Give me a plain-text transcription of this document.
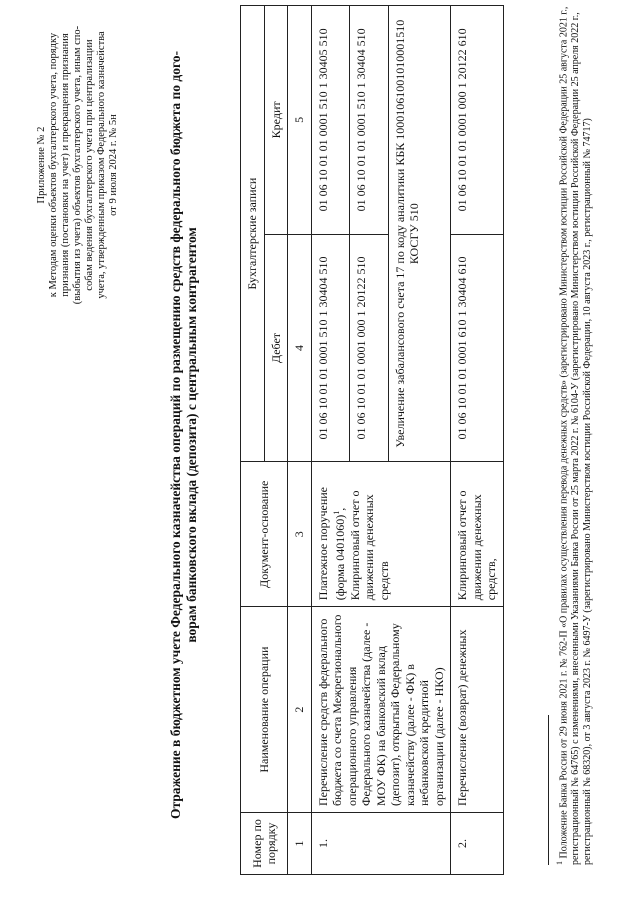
Приложение № 2 к Методам оценки объектов бухгалтерского учета, порядку признания (постановки на учет) и прекращения признания (выбытия из учета) объектов бухгалтерского учета, иным спо- собам ведения бухгалтерского учета при централизации учета, утвержденным приказом Федерального казначейства от 9 июля 2024 г. № 5н	Отражение в бюджетном учете Федерального казначейства операций по размещению средств федерального бюджета по дого- ворам банковского вклада (депозита) с центральным контрагентом
Номер по порядку	Наименование операции	Документ-основание	Бухгалтерские записи	
			Дебет	Кредит
1	2	3	4	5
1.	Перечисление средств федерального бюджета со счета Межрегионального операционного управления Федерального казначейства (далее - МОУ ФК) на банковский вклад (депозит), открытый Федеральному казначейству (далее - ФК) в небанковской кредитной организации (далее - НКО)	Платежное поручение (форма 0401060)$^1$, Клиринговый отчет о движении денежных средств	01 06 10 01 01 0001 510 1 30404 510	01 06 10 01 01 0001 510 1 30405 510
			01 06 10 01 01 0001 000 1 20122 510	01 06 10 01 01 0001 510 1 30404 510
			Увеличение забалансового счета 17 по коду аналитики КБК 10001061001010001510 КОСГУ 510	
2.	Перечисление (возврат) денежных	Клиринговый отчет о движении денежных средств,	01 06 10 01 01 0001 610 1 30404 610	01 06 10 01 01 0001 000 1 20122 610
$^1$ Положение Банка России от 29 июня 2021 г. № 762-П «О правилах осуществления перевода денежных средств» (зарегистрировано Министерством юстиции Российской Федерации 25 августа 2021 г., регистрационный № 64765) с изменениями, внесенными Указаниями Банка России от 25 марта 2022 г. № 6104-У (зарегистрировано Министерством юстиции Российской Федерации 25 апреля 2022 г., регистрационный № 68320), от 3 августа 2023 г. № 6497-У (зарегистрировано Министерством юстиции Российской Федерации, 10 августа 2023 г., регистрационный № 74717)
